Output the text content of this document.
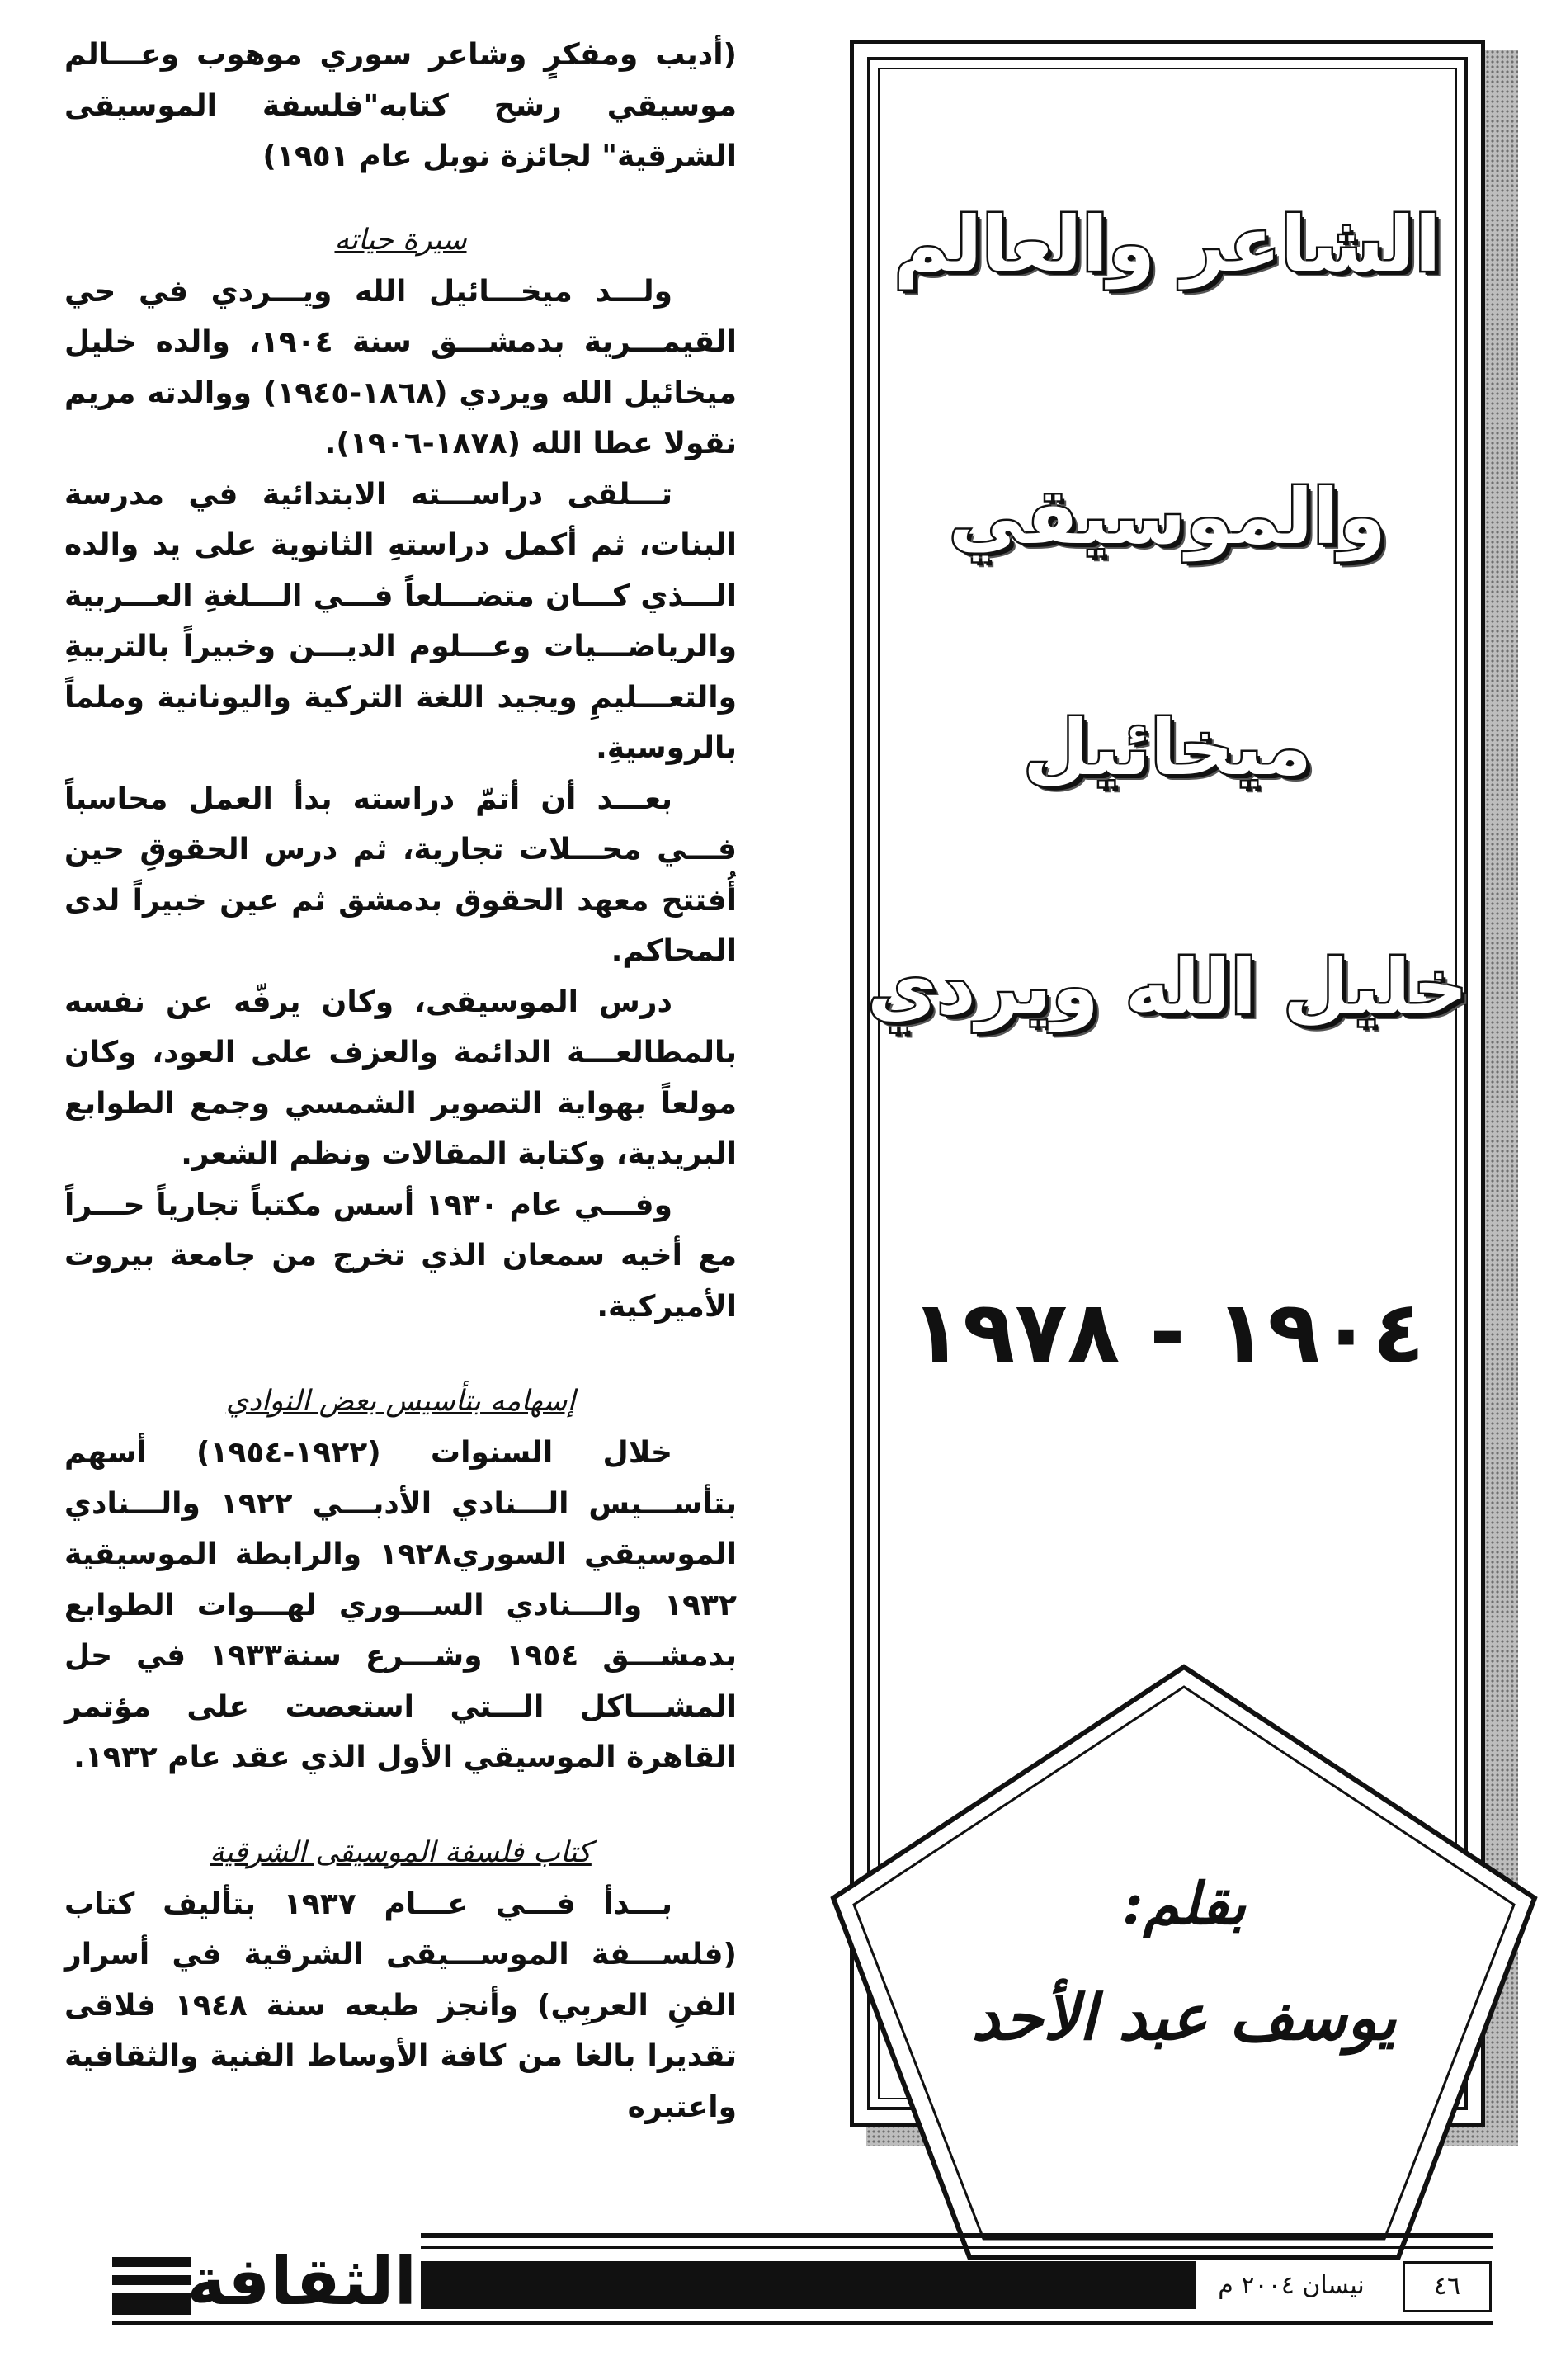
(أديب ومفكرٍ وشاعر سوري موهوب وعـــالم موسيقي رشح كتابه"فلسفة الموسيقى الشرقية" لجائزة نوبل عام ١٩٥١)

سيرة حياته

ولـــد ميخـــائيل الله ويـــردي في حي القيمـــرية بدمشـــق سنة ١٩٠٤، والده خليل ميخائيل الله ويردي (١٨٦٨-١٩٤٥) ووالدته مريم نقولا عطا الله (١٨٧٨-١٩٠٦).

تـــلقى دراســـته الابتدائية في مدرسة البنات، ثم أكمل دراستهِ الثانوية على يد والده الـــذي كـــان متضـــلعاً فـــي الـــلغةِ العـــربية والرياضـــيات وعـــلوم الديـــن وخبيراً بالتربيةِ والتعـــليمِ ويجيد اللغة التركية واليونانية وملماً بالروسيةِ.

بعـــد أن أتمّ دراسته بدأ العمل محاسباً فـــي محـــلات تجارية، ثم درس الحقوقِ حين أُفتتح معهد الحقوق بدمشق ثم عين خبيراً لدى المحاكم.

درس الموسيقى، وكان يرفّه عن نفسه بالمطالعـــة الدائمة والعزف على العود، وكان مولعاً بهواية التصوير الشمسي وجمع الطوابع البريدية، وكتابة المقالات ونظم الشعر.

وفـــي عام ١٩٣٠ أسس مكتباً تجارياً حـــراً مع أخيه سمعان الذي تخرج من جامعة بيروت الأميركية.

إسهامه بتأسيس بعض النوادي

خلال السنوات (١٩٢٢-١٩٥٤) أسهم بتأســـيس الـــنادي الأدبـــي ١٩٢٢ والـــنادي الموسيقي السوري١٩٢٨ والرابطة الموسيقية ١٩٣٢ والـــنادي الســـوري لهـــوات الطوابع بدمشـــق ١٩٥٤ وشـــرع سنة١٩٣٣ في حل المشـــاكل الـــتي استعصت على مؤتمر القاهرة الموسيقي الأول الذي عقد عام ١٩٣٢.

كتاب فلسفة الموسيقى الشرقية

بـــدأ فـــي عـــام ١٩٣٧ بتأليف كتاب (فلســـفة الموســـيقى الشرقية في أسرار الفنِ العربِي) وأنجز طبعه سنة ١٩٤٨ فلاقى تقديرا بالغا من كافة الأوساط الفنية والثقافية واعتبره

الشاعر والعالم
والموسيقي
ميخائيل
خليل الله ويردي
١٩٠٤ - ١٩٧٨
بقلم:
يوسف عبد الأحد
الثقافة	نيسان ٢٠٠٤ م	٤٦
